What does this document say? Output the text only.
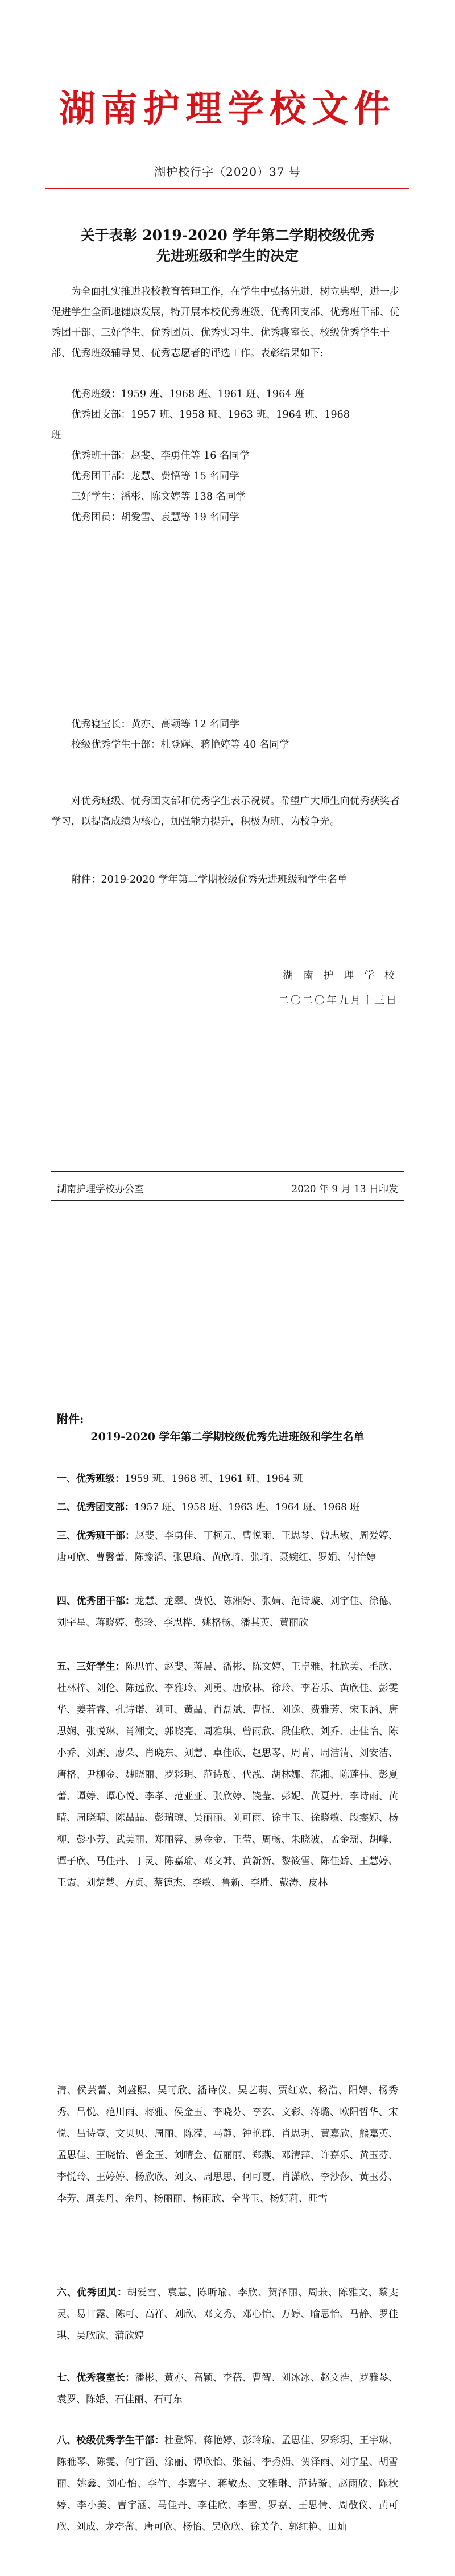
湖南护理学校文件
湖护校行字（2020）37 号
关于表彰 2019-2020 学年第二学期校级优秀
先进班级和学生的决定
为全面扎实推进我校教育管理工作，在学生中弘扬先进，树立典型，进一步促进学生全面地健康发展，特开展本校优秀班级、优秀团支部、优秀班干部、优秀团干部、三好学生、优秀团员、优秀实习生、优秀寝室长、校级优秀学生干部、优秀班级辅导员、优秀志愿者的评选工作。表彰结果如下:
优秀班级：1959 班、1968 班、1961 班、1964 班
优秀团支部：1957 班、1958 班、1963 班、1964 班、1968
班
优秀班干部：赵斐、李勇佳等 16 名同学
优秀团干部：龙慧、费悟等 15 名同学
三好学生：潘彬、陈文婷等 138 名同学
优秀团员：胡爱雪、袁慧等 19 名同学
优秀寝室长：黄亦、高颖等 12 名同学
校级优秀学生干部：杜登辉、蒋艳婷等 40 名同学
对优秀班级、优秀团支部和优秀学生表示祝贺。希望广大师生向优秀获奖者学习，以提高成绩为核心，加强能力提升，积极为班、为校争光。
附件：2019-2020 学年第二学期校级优秀先进班级和学生名单
湖 南 护 理 学 校
二〇二〇年九月十三日
湖南护理学校办公室	2020 年 9 月 13 日印发
附件:
2019-2020 学年第二学期校级优秀先进班级和学生名单
一、优秀班级：1959 班、1968 班、1961 班、1964 班
二、优秀团支部：1957 班、1958 班、1963 班、1964 班、1968 班
三、优秀班干部：赵斐、李勇佳、丁柯元、曹悦雨、王思琴、曾志敏、周爱婷、唐可欣、曹馨蕾、陈豫滔、张思瑜、黄欣琦、张琦、聂婉红、罗娟、付怡婷
四、优秀团干部：龙慧、龙翠、费悦、陈湘婷、张婧、范诗璇、刘宇佳、徐德、刘宇星、蒋晓婷、彭玲、李思桦、姚格畅、潘其英、黄丽欣
五、三好学生：陈思竹、赵斐、蒋晨、潘彬、陈文婷、王卓雅、杜欣美、毛欣、杜林梓、刘伦、陈远欣、李雅玲、刘勇、唐欣林、徐玲、李若乐、黄欣佳、彭雯华、姜若睿、孔诗诺、刘可、黄晶、肖磊斌、曹悦、刘逸、费雅芳、宋玉涵、唐思娴、张悦琳、肖湘文、郭晓亮、周雅琪、曾雨欣、段佳欣、刘乔、庄佳怡、陈小乔、刘甄、廖朵、肖晓东、刘慧、卓佳欣、赵思琴、周青、周洁清、刘安洁、唐格、尹柳金、魏晓丽、罗彩玥、范诗璇、代泓、胡林娜、范湘、陈莲伟、彭夏蕾、谭婷、谭心悦、李孝、范亚亚、张欣婷、饶莹、彭妮、黄夏丹、李诗雨、黄晴、周晓晴、陈晶晶、彭瑞琼、吴丽丽、刘可雨、徐丰玉、徐晓敏、段雯婷、杨 柳、彭小芳、武美丽、郑丽蓉、易金金、王莹、周畅、朱晓波、孟金瑶、胡峰、谭子欣、马佳丹、丁灵、陈嘉瑜、邓文韩、黄新新、黎筱雪、陈佳娇、王慧婷、王霞、刘楚楚、方贞、蔡德杰、李敏、鲁新、李胜、戴涛、皮林
清、侯芸蕾、刘盛熙、吴可欣、潘诗仪、吴艺萌、贾红欢、杨浩、阳婷、杨秀秀、吕悦、范川雨、蒋雅、侯金玉、李晓芬、李玄、文彩、蒋璐、欧阳哲华、宋悦、吕诗壹、文贝贝、周丽、陈滢、马静、钟艳群、肖思玥、黄嘉欣、熊嘉英、孟思佳、王晓怡、曾金玉、刘晴金、伍丽丽、郑燕、邓清萍、许嘉乐、黄玉芬、李悦玲、王婷婷、杨欣欣、刘文、周思思、何可夏、肖潇欣、李沙莎、黄玉芬、李芳、周美丹、余丹、杨丽丽、杨雨欣、全普玉、杨好莉、旺雪
六、优秀团员：胡爱雪、袁慧、陈昕瑜、李欣、贺泽丽、周兼、陈雅文、蔡雯灵、易甘露、陈可、高祥、刘欣、邓文秀、邓心怡、万婷、喻思怡、马静、罗佳琪、吴欣欣、蒲欣婷
七、优秀寝室长：潘彬、黄亦、高颖、李蓓、曹智、刘冰冰、赵文浩、罗雅琴、袁罗、陈婚、石佳丽、石可东
八、校级优秀学生干部：杜登辉、蒋艳婷、彭玲瑜、孟思佳、罗彩玥、王宇琳、陈雅琴、陈雯、何宇涵、涂丽、谭欣怡、张福、李秀娟、贺泽雨、刘宇星、胡雪丽、姚鑫、刘心怡、李竹、李嘉宇、蒋敏杰、文雅琳、范诗璇、赵雨欣、陈秋婷、李小美、曹宇涵、马佳丹、李佳欣、李雪、罗嘉、王思倩、周敬仪、黄可欣、刘成、龙亭蕾、唐可欣、杨怡、吴欣欣、徐美华、郭红艳、田灿
